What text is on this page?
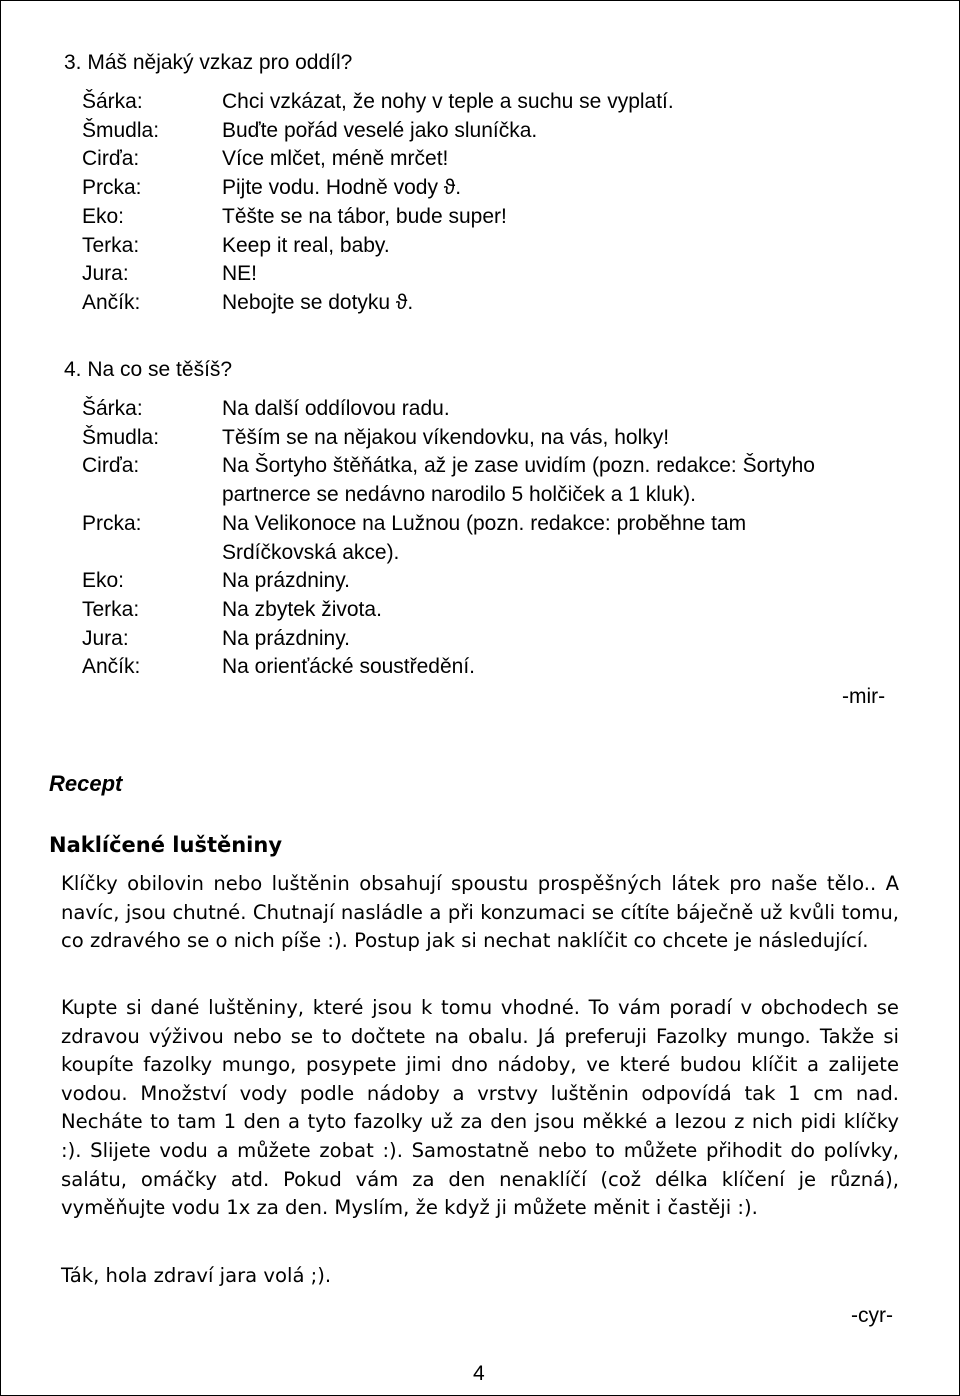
3. Máš nějaký vzkaz pro oddíl?
Šárka:	Chci vzkázat, že nohy v teple a suchu se vyplatí.
Šmudla:	Buďte pořád veselé jako sluníčka.
Cirďa:	Více mlčet, méně mrčet!
Prcka:	Pijte vodu. Hodně vody ϑ.
Eko:	Těšte se na tábor, bude super!
Terka:	Keep it real, baby.
Jura:	NE!
Ančík:	Nebojte se dotyku ϑ.
4. Na co se těšíš?
Šárka:	Na další oddílovou radu.
Šmudla:	Těším se na nějakou víkendovku, na vás, holky!
Cirďa:	Na Šortyho štěňátka, až je zase uvidím (pozn. redakce: Šortyho partnerce se nedávno narodilo 5 holčiček a 1 kluk).
Prcka:	Na Velikonoce na Lužnou (pozn. redakce: proběhne tam Srdíčkovská akce).
Eko:	Na prázdniny.
Terka:	Na zbytek života.
Jura:	Na prázdniny.
Ančík:	Na orienťácké soustředění.
-mir-
Recept
Naklíčené luštěniny

Klíčky obilovin nebo luštěnin obsahují spoustu prospěšných látek pro naše tělo.. A navíc, jsou chutné. Chutnají nasládle a při konzumaci se cítíte báječně už kvůli tomu, co zdravého se o nich píše :). Postup jak si nechat naklíčit co chcete je následující.

Kupte si dané luštěniny, které jsou k tomu vhodné. To vám poradí v obchodech se zdravou výživou nebo se to dočtete na obalu. Já preferuji Fazolky mungo. Takže si koupíte fazolky mungo, posypete jimi dno nádoby, ve které budou klíčit a zalijete vodou. Množství vody podle nádoby a vrstvy luštěnin odpovídá tak 1 cm nad. Necháte to tam 1 den a tyto fazolky už za den jsou měkké a lezou z nich pidi klíčky :). Slijete vodu a můžete zobat :). Samostatně nebo to můžete přihodit do polívky, salátu, omáčky atd. Pokud vám za den nenaklíčí (což délka klíčení je různá), vyměňujte vodu 1x za den. Myslím, že když ji můžete měnit i častěji :).

Ták, hola zdraví jara volá ;).

-cyr-
4
